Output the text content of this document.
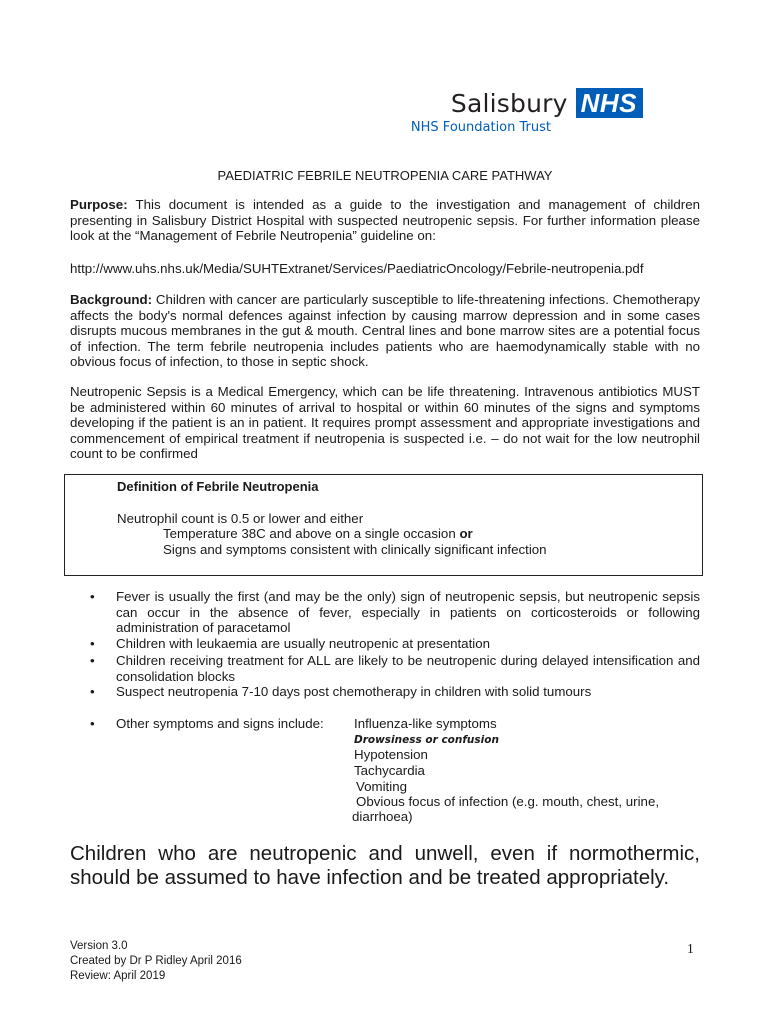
Salisbury NHS
NHS Foundation Trust
PAEDIATRIC FEBRILE NEUTROPENIA CARE PATHWAY
Purpose: This document is intended as a guide to the investigation and management of children presenting in Salisbury District Hospital with suspected neutropenic sepsis. For further information please look at the “Management of Febrile Neutropenia” guideline on:
http://www.uhs.nhs.uk/Media/SUHTExtranet/Services/PaediatricOncology/Febrile-neutropenia.pdf
Background: Children with cancer are particularly susceptible to life-threatening infections. Chemotherapy affects the body's normal defences against infection by causing marrow depression and in some cases disrupts mucous membranes in the gut & mouth. Central lines and bone marrow sites are a potential focus of infection. The term febrile neutropenia includes patients who are haemodynamically stable with no obvious focus of infection, to those in septic shock.
Neutropenic Sepsis is a Medical Emergency, which can be life threatening. Intravenous antibiotics MUST be administered within 60 minutes of arrival to hospital or within 60 minutes of the signs and symptoms developing if the patient is an in patient. It requires prompt assessment and appropriate investigations and commencement of empirical treatment if neutropenia is suspected i.e. – do not wait for the low neutrophil count to be confirmed
Definition of Febrile Neutropenia
Neutrophil count is 0.5 or lower and either
Temperature 38C and above on a single occasion or
Signs and symptoms consistent with clinically significant infection
• Fever is usually the first (and may be the only) sign of neutropenic sepsis, but neutropenic sepsis can occur in the absence of fever, especially in patients on corticosteroids or following administration of paracetamol
• Children with leukaemia are usually neutropenic at presentation
• Children receiving treatment for ALL are likely to be neutropenic during delayed intensification and consolidation blocks
• Suspect neutropenia 7-10 days post chemotherapy in children with solid tumours
• Other symptoms and signs include: Influenza-like symptoms
Drowsiness or confusion
Hypotension
Tachycardia
Vomiting
Obvious focus of infection (e.g. mouth, chest, urine,
diarrhoea)
Children who are neutropenic and unwell, even if normothermic, should be assumed to have infection and be treated appropriately.
Version 3.0
Created by Dr P Ridley April 2016
Review: April 2019
1
